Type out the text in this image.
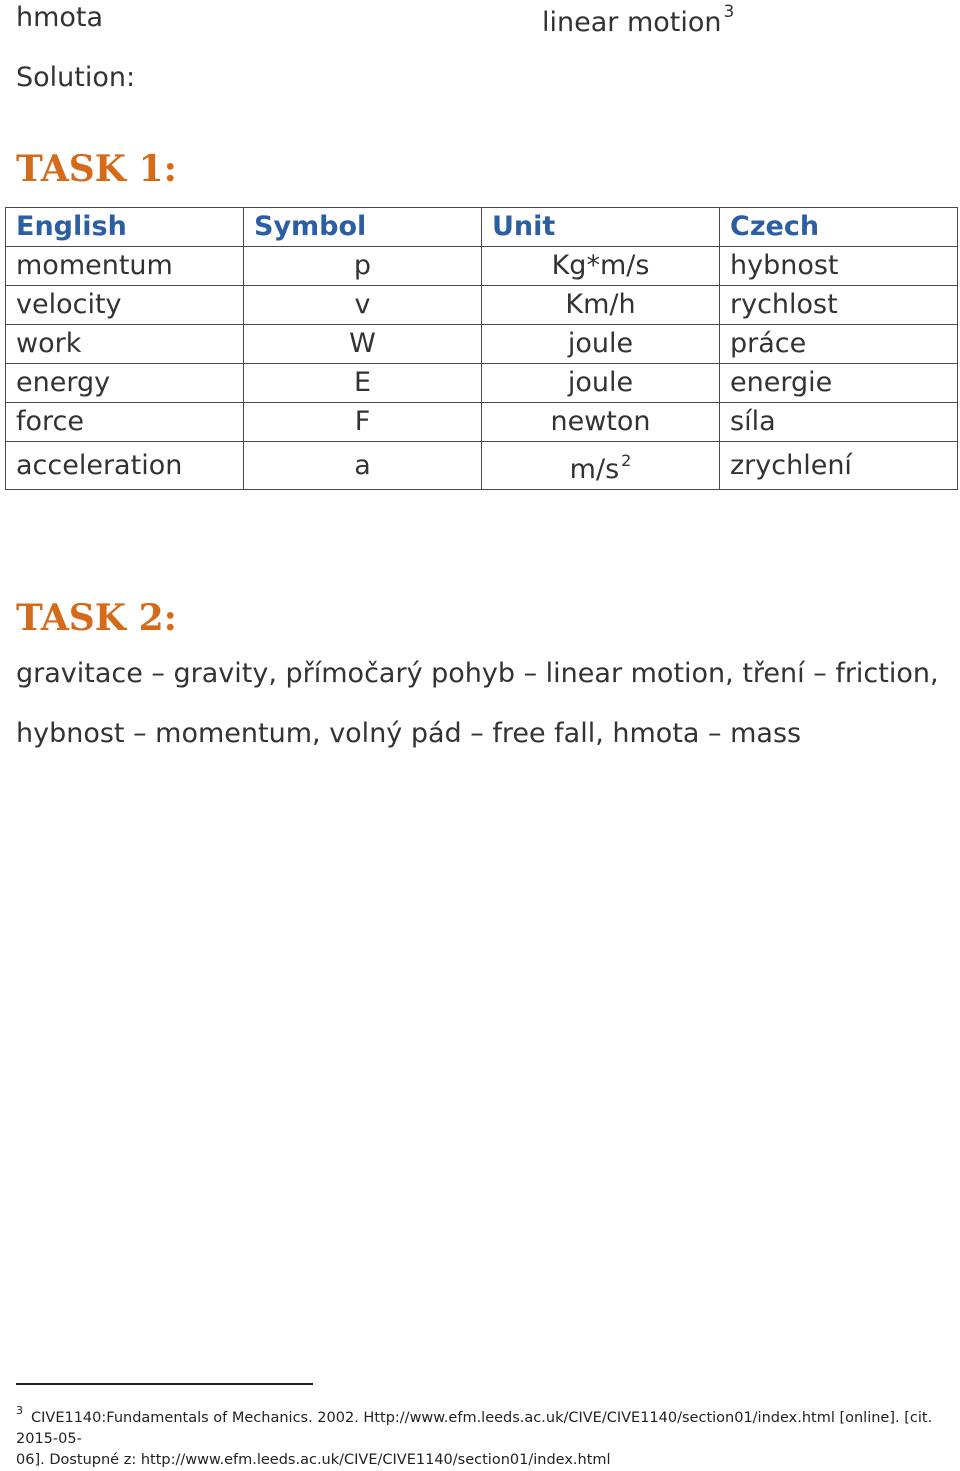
hmota	linear motion $^3$
Solution:
TASK 1:
English	Symbol	Unit	Czech
momentum	p	Kg*m/s	hybnost
velocity	v	Km/h	rychlost
work	W	joule	práce
energy	E	joule	energie
force	F	newton	síla
acceleration	a	m/s $^2$	zrychlení
TASK 2:
gravitace – gravity, přímočarý pohyb – linear motion, tření – friction,
hybnost – momentum, volný pád – free fall, hmota – mass
$^3$ CIVE1140:Fundamentals of Mechanics. 2002. Http://www.efm.leeds.ac.uk/CIVE/CIVE1140/section01/index.html [online]. [cit. 2015-05-
06]. Dostupné z: http://www.efm.leeds.ac.uk/CIVE/CIVE1140/section01/index.html
